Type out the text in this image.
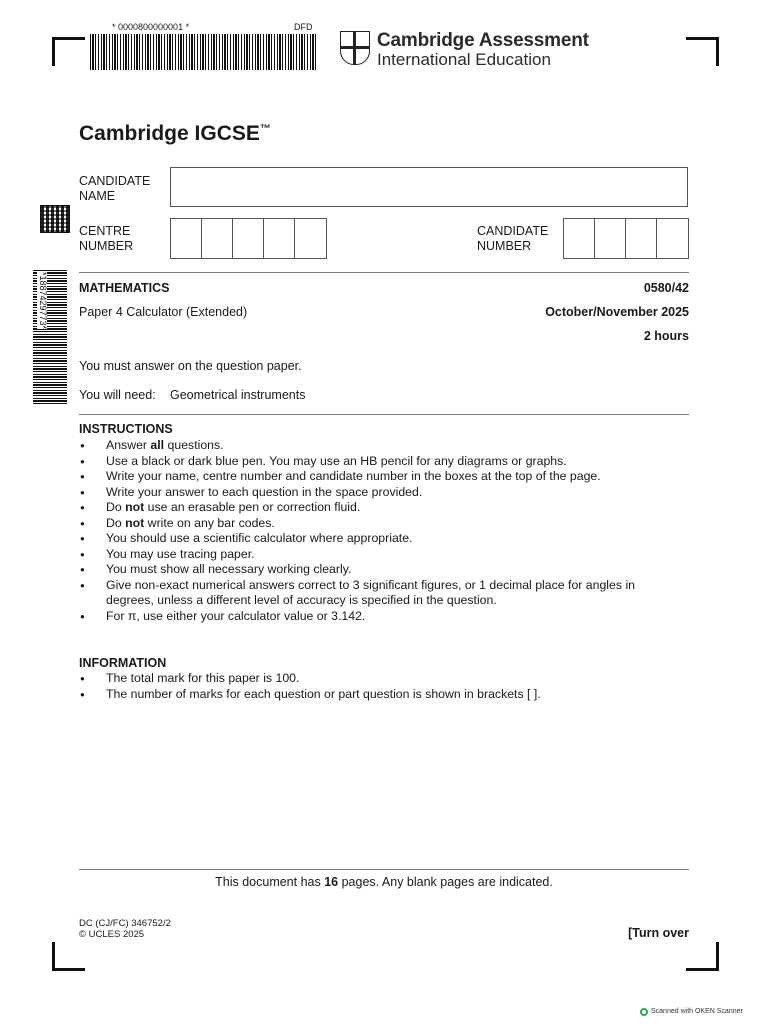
* 0000800000001 *	DFD
Cambridge Assessment
International Education
*1887429773*
Cambridge IGCSE™
CANDIDATE
NAME
CENTRE
NUMBER
CANDIDATE
NUMBER
MATHEMATICS	0580/42
Paper 4 Calculator (Extended)	October/November 2025
2 hours
You must answer on the question paper.
You will need: Geometrical instruments
INSTRUCTIONS
● Answer all questions.
● Use a black or dark blue pen. You may use an HB pencil for any diagrams or graphs.
● Write your name, centre number and candidate number in the boxes at the top of the page.
● Write your answer to each question in the space provided.
● Do not use an erasable pen or correction fluid.
● Do not write on any bar codes.
● You should use a scientific calculator where appropriate.
● You may use tracing paper.
● You must show all necessary working clearly.
● Give non-exact numerical answers correct to 3 significant figures, or 1 decimal place for angles in degrees, unless a different level of accuracy is specified in the question.
● For π, use either your calculator value or 3.142.
INFORMATION
● The total mark for this paper is 100.
● The number of marks for each question or part question is shown in brackets [ ].
This document has 16 pages. Any blank pages are indicated.
DC (CJ/FC) 346752/2
© UCLES 2025	[Turn over
Scanned with OKEN Scanner
